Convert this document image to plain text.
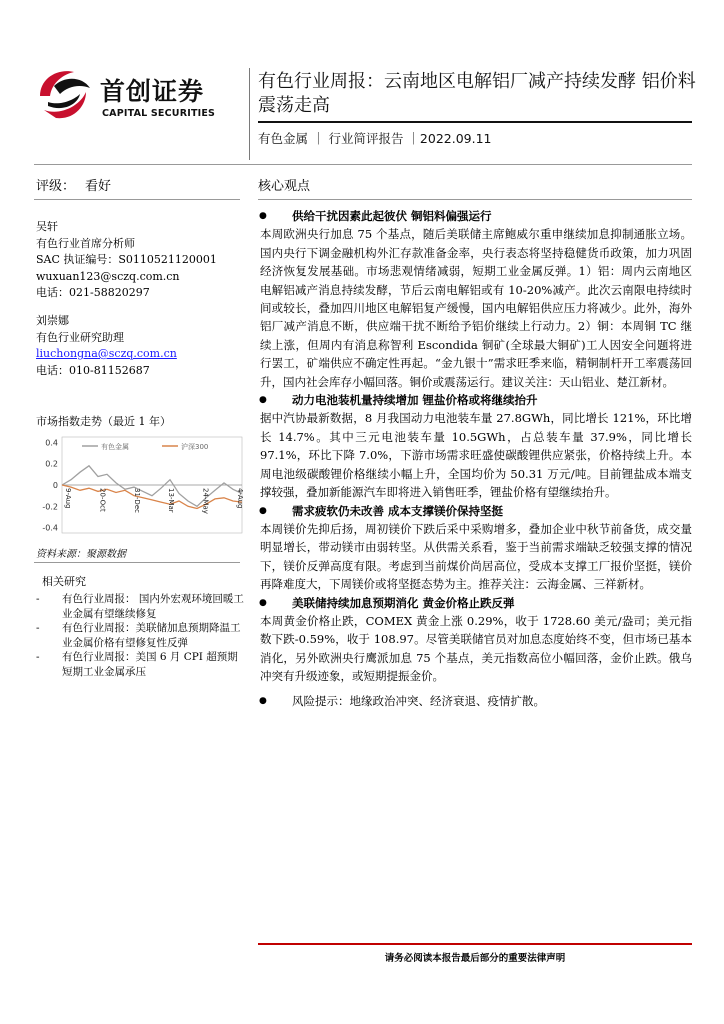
首创证券
CAPITAL SECURITIES
有色行业周报：云南地区电解铝厂减产持续发酵 铝价料震荡走高
有色金属 ｜ 行业简评报告 ｜2022.09.11
评级： 看好	核心观点
吴轩
有色行业首席分析师
SAC 执证编号：S0110521120001
wuxuan123@sczq.com.cn
电话：021-58820297
刘崇娜
有色行业研究助理
liuchongna@sczq.com.cn
电话：010-81152687
市场指数走势（最近 1 年）
0.4
0.2
0
-0.2
-0.4
有色金属	沪深300
9-Aug	20-Oct	31-Dec	13-Mar	24-May	4-Aug
资料来源：聚源数据
相关研究
- 有色行业周报： 国内外宏观环境回暖工业金属有望继续修复
- 有色行业周报：美联储加息预期降温工业金属价格有望修复性反弹
- 有色行业周报：美国 6 月 CPI 超预期短期工业金属承压
●	供给干扰因素此起彼伏 铜铝料偏强运行
本周欧洲央行加息 75 个基点，随后美联储主席鲍威尔重申继续加息抑制通胀立场。国内央行下调金融机构外汇存款准备金率，央行表态将坚持稳健货币政策，加力巩固经济恢复发展基础。市场悲观情绪减弱，短期工业金属反弹。1）铝：周内云南地区电解铝减产消息持续发酵，节后云南电解铝或有 10-20%减产。此次云南限电持续时间或较长，叠加四川地区电解铝复产缓慢，国内电解铝供应压力将减少。此外，海外铝厂减产消息不断，供应端干扰不断给予铝价继续上行动力。2）铜：本周铜 TC 继续上涨，但周内有消息称智利 Escondida 铜矿(全球最大铜矿)工人因安全问题将进行罢工，矿端供应不确定性再起。“金九银十”需求旺季来临，精铜制杆开工率震荡回升，国内社会库存小幅回落。铜价或震荡运行。建议关注：天山铝业、楚江新材。
●	动力电池装机量持续增加 锂盐价格或将继续抬升
据中汽协最新数据，8 月我国动力电池装车量 27.8GWh，同比增长 121%，环比增长 14.7%。其中三元电池装车量 10.5GWh，占总装车量 37.9%，同比增长 97.1%，环比下降 7.0%，下游市场需求旺盛使碳酸锂供应紧张，价格持续上升。本周电池级碳酸锂价格继续小幅上升，全国均价为 50.31 万元/吨。目前锂盐成本端支撑较强，叠加新能源汽车即将进入销售旺季，锂盐价格有望继续抬升。
●	需求疲软仍未改善 成本支撑镁价保持坚挺
本周镁价先抑后扬，周初镁价下跌后采中采购增多，叠加企业中秋节前备货，成交量明显增长，带动镁市由弱转坚。从供需关系看，鉴于当前需求端缺乏较强支撑的情况下，镁价反弹高度有限。考虑到当前煤价尚居高位，受成本支撑工厂报价坚挺，镁价再降难度大，下周镁价或将坚挺态势为主。推荐关注：云海金属、三祥新材。
●	美联储持续加息预期消化 黄金价格止跌反弹
本周黄金价格止跌，COMEX 黄金上涨 0.29%，收于 1728.60 美元/盎司；美元指数下跌-0.59%，收于 108.97。尽管美联储官员对加息态度始终不变，但市场已基本消化，另外欧洲央行鹰派加息 75 个基点，美元指数高位小幅回落，金价止跌。俄乌冲突有升级迹象，或短期提振金价。
●	风险提示：地缘政治冲突、经济衰退、疫情扩散。
请务必阅读本报告最后部分的重要法律声明
